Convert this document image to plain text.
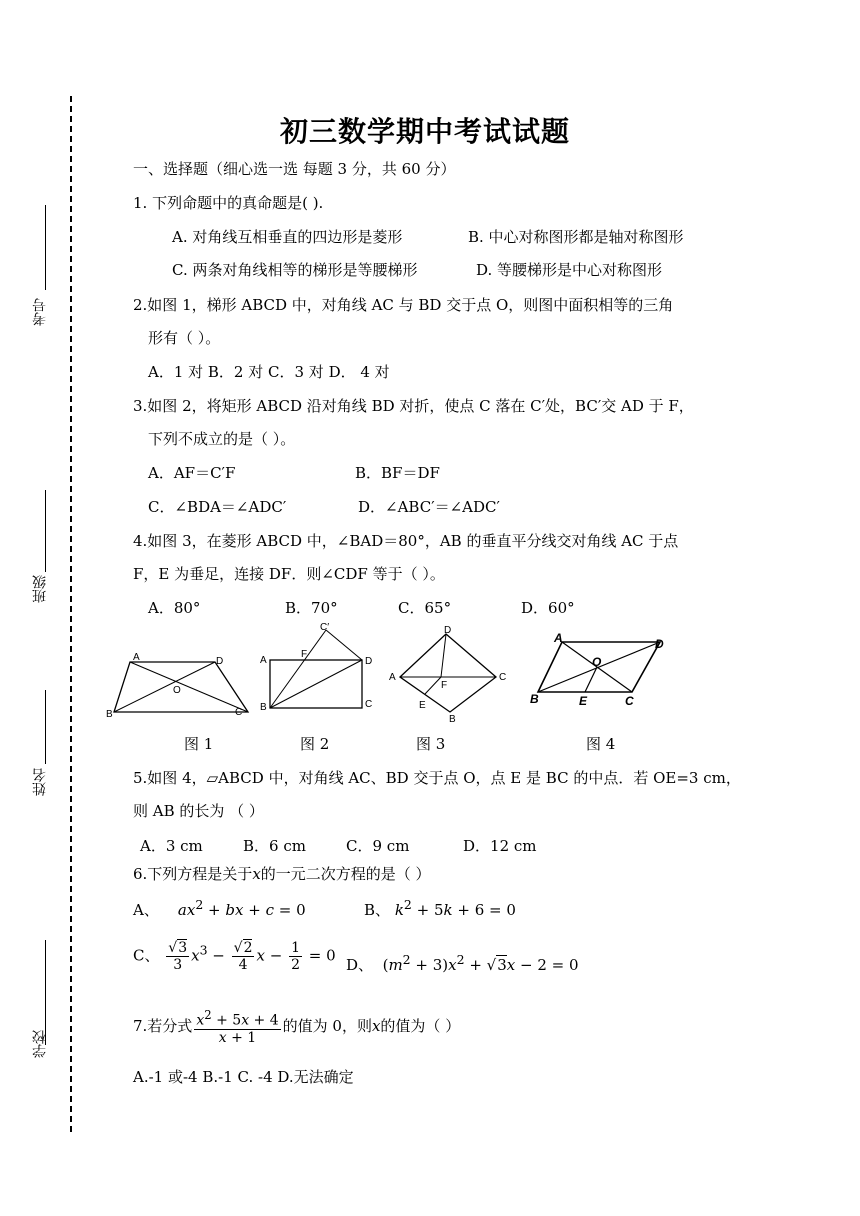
考号
班级
姓名
学校
初三数学期中考试试题
一、选择题（细心选一选 每题 3 分，共 60 分）
1. 下列命题中的真命题是( ).
A. 对角线互相垂直的四边形是菱形	B. 中心对称图形都是轴对称图形
C. 两条对角线相等的梯形是等腰梯形	D. 等腰梯形是中心对称图形
2.如图 1，梯形 ABCD 中，对角线 AC 与 BD 交于点 O，则图中面积相等的三角
形有（ ）。
A．1 对 B．2 对 C．3 对 D． 4 对
3.如图 2，将矩形 ABCD 沿对角线 BD 对折，使点 C 落在 C′处，BC′交 AD 于 F，
下列不成立的是（ ）。
A．AF＝C′F	B．BF＝DF
C．∠BDA＝∠ADC′	D．∠ABC′＝∠ADC′
4.如图 3，在菱形 ABCD 中，∠BAD＝80°，AB 的垂直平分线交对角线 AC 于点
F，E 为垂足，连接 DF．则∠CDF 等于（ ）。
A．80°	B．70°	C．65°	D．60°
A	D
B	C
O
A	D
B	C
F
C′	D
A	C
B
E
F
A	D
B	C
E
O
图 1	图 2	图 3	图 4
5.如图 4，▱ABCD 中，对角线 AC、BD 交于点 O，点 E 是 BC 的中点．若 OE=3 cm，
则 AB 的长为 （ ）
A．3 cm	B．6 cm	C．9 cm	D．12 cm
6.下列方程是关于x的一元二次方程的是（ ）
A、 $ax^2$ + bx + c = 0	B、 $k^2 + 5k + 6 = 0$
C、 $\frac{√3}{3} x^3 - \frac{√2}{4}$ $x - \frac{1}{2} = 0$
D、 $(m^2 + 3)x^2 + √3x - 2 = 0$
7.若分式 $\frac{x^2 + 5x + 4}{x + 1}$ 的值为 0，则x的值为（ ）
A.-1 或-4 B.-1 C. -4 D.无法确定
